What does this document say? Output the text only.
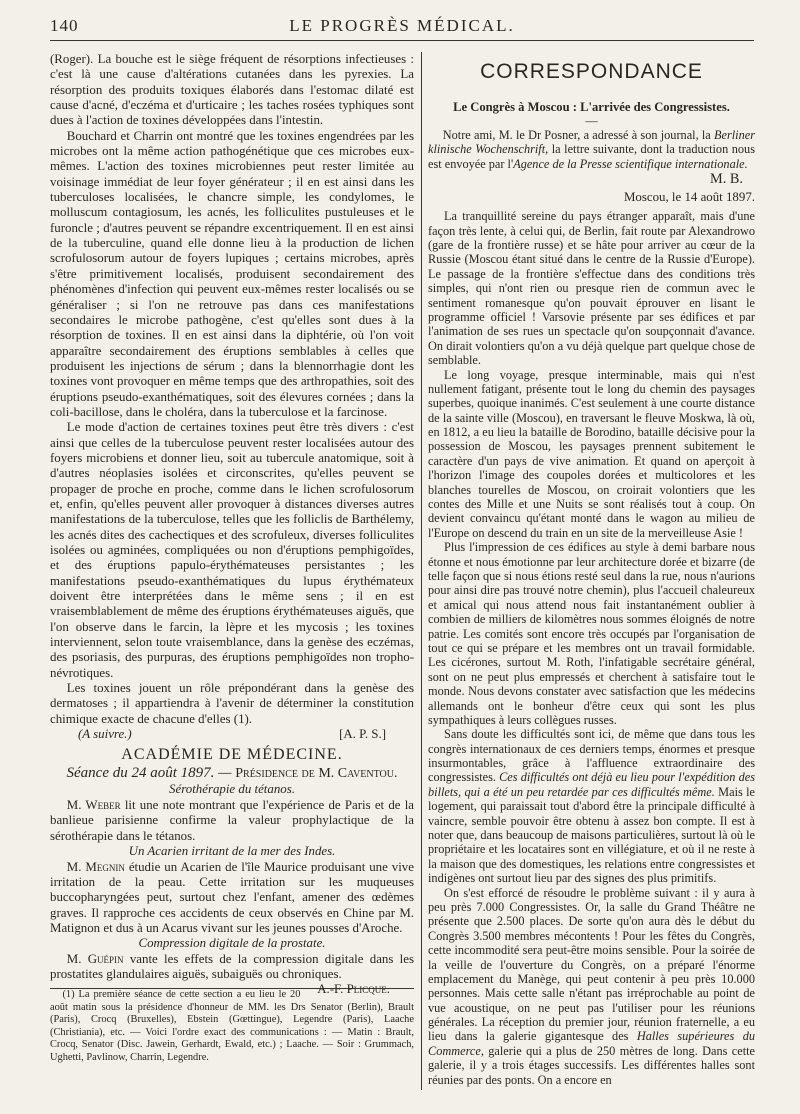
140	LE PROGRÈS MÉDICAL.

(Roger). La bouche est le siège fréquent de résorptions infectieuses : c'est là une cause d'altérations cutanées dans les pyrexies. La résorption des produits toxiques élaborés dans l'estomac dilaté est cause d'acné, d'eczéma et d'urticaire ; les taches rosées typhiques sont dues à l'action de toxines développées dans l'intestin.

Bouchard et Charrin ont montré que les toxines engendrées par les microbes ont la même action pathogénétique que ces microbes eux-mêmes. L'action des toxines microbiennes peut rester limitée au voisinage immédiat de leur foyer générateur ; il en est ainsi dans les tuberculoses localisées, le chancre simple, les condylomes, le molluscum contagiosum, les acnés, les folliculites pustuleuses et le furoncle ; d'autres peuvent se répandre excentriquement. Il en est ainsi de la tuberculine, quand elle donne lieu à la production de lichen scrofulosorum autour de foyers lupiques ; certains microbes, après s'être primitivement localisés, produisent secondairement des phénomènes d'infection qui peuvent eux-mêmes rester localisés ou se généraliser ; si l'on ne retrouve pas dans ces manifestations secondaires le microbe pathogène, c'est qu'elles sont dues à la résorption de toxines. Il en est ainsi dans la diphtérie, où l'on voit apparaître secondairement des éruptions semblables à celles que produisent les injections de sérum ; dans la blennorrhagie dont les toxines vont provoquer en même temps que des arthropathies, soit des éruptions pseudo-exanthématiques, soit des élevures cornées ; dans la coli-bacillose, dans le choléra, dans la tuberculose et la farcinose.

Le mode d'action de certaines toxines peut être très divers : c'est ainsi que celles de la tuberculose peuvent rester localisées autour des foyers microbiens et donner lieu, soit au tubercule anatomique, soit à d'autres néoplasies isolées et circonscrites, qu'elles peuvent se propager de proche en proche, comme dans le lichen scrofulosorum et, enfin, qu'elles peuvent aller provoquer à distances diverses autres manifestations de la tuberculose, telles que les folliclis de Barthélemy, les acnés dites des cachectiques et des scrofuleux, diverses folliculites isolées ou agminées, compliquées ou non d'éruptions pemphigoïdes, et des éruptions papulo-érythémateuses persistantes ; les manifestations pseudo-exanthématiques du lupus érythémateux doivent être interprétées dans le même sens ; il en est vraisemblablement de même des éruptions érythémateuses aiguës, que l'on observe dans le farcin, la lèpre et les mycosis ; les toxines interviennent, selon toute vraisemblance, dans la genèse des eczémas, des psoriasis, des purpuras, des éruptions pemphigoïdes non tropho-névrotiques.

Les toxines jouent un rôle prépondérant dans la genèse des dermatoses ; il appartiendra à l'avenir de déterminer la constitution chimique exacte de chacune d'elles (1).

(A suivre.)	[A. P. S.]
ACADÉMIE DE MÉDECINE.
Séance du 24 août 1897. — Présidence de M. Caventou.
Sérothérapie du tétanos.

M. Weber lit une note montrant que l'expérience de Paris et de la banlieue parisienne confirme la valeur prophylactique de la sérothérapie dans le tétanos.

Un Acarien irritant de la mer des Indes.

M. Megnin étudie un Acarien de l'île Maurice produisant une vive irritation de la peau. Cette irritation sur les muqueuses buccopharyngées peut, surtout chez l'enfant, amener des œdèmes graves. Il rapproche ces accidents de ceux observés en Chine par M. Matignon et dus à un Acarus vivant sur les jeunes pousses d'Aroche.

Compression digitale de la prostate.

M. Guépin vante les effets de la compression digitale dans les prostatites glandulaires aiguës, subaiguës ou chroniques.
A.-F. Plicque.

(1) La première séance de cette section a eu lieu le 20 août matin sous la présidence d'honneur de MM. les Drs Senator (Berlin), Brault (Paris), Crocq (Bruxelles), Ebstein (Gœttingue), Legendre (Paris), Laache (Christiania), etc. — Voici l'ordre exact des communications : — Matin : Brault, Crocq, Senator (Disc. Jawein, Gerhardt, Ewald, etc.) ; Laache. — Soir : Grummach, Ughetti, Pavlinow, Charrin, Legendre.
CORRESPONDANCE
Le Congrès à Moscou : L'arrivée des Congressistes.
—

Notre ami, M. le Dr Posner, a adressé à son journal, la Berliner klinische Wochenschrift, la lettre suivante, dont la traduction nous est envoyée par l'Agence de la Presse scientifique internationale.

M. B.
Moscou, le 14 août 1897.

La tranquillité sereine du pays étranger apparaît, mais d'une façon très lente, à celui qui, de Berlin, fait route par Alexandrowo (gare de la frontière russe) et se hâte pour arriver au cœur de la Russie (Moscou étant situé dans le centre de la Russie d'Europe). Le passage de la frontière s'effectue dans des conditions très simples, qui n'ont rien ou presque rien de commun avec le sentiment romanesque qu'on pouvait éprouver en lisant le programme officiel ! Varsovie présente par ses édifices et par l'animation de ses rues un spectacle qu'on soupçonnait d'avance. On dirait volontiers qu'on a vu déjà quelque part quelque chose de semblable.

Le long voyage, presque interminable, mais qui n'est nullement fatigant, présente tout le long du chemin des paysages superbes, quoique inanimés. C'est seulement à une courte distance de la sainte ville (Moscou), en traversant le fleuve Moskwa, là où, en 1812, a eu lieu la bataille de Borodino, bataille décisive pour la possession de Moscou, les paysages prennent subitement le caractère d'un pays de vive animation. Et quand on aperçoit à l'horizon l'image des coupoles dorées et multicolores et les blanches tourelles de Moscou, on croirait volontiers que les contes des Mille et une Nuits se sont réalisés tout à coup. On devient convaincu qu'étant monté dans le wagon au milieu de l'Europe on descend du train en un site de la merveilleuse Asie !

Plus l'impression de ces édifices au style à demi barbare nous étonne et nous émotionne par leur architecture dorée et bizarre (de telle façon que si nous étions resté seul dans la rue, nous n'aurions pour ainsi dire pas trouvé notre chemin), plus l'accueil chaleureux et amical qui nous attend nous fait instantanément oublier à combien de milliers de kilomètres nous sommes éloignés de notre patrie. Les comités sont encore très occupés par l'organisation de tout ce qui se prépare et les membres ont un travail formidable. Les cicérones, surtout M. Roth, l'infatigable secrétaire général, sont on ne peut plus empressés et cherchent à satisfaire tout le monde. Nous devons constater avec satisfaction que les médecins allemands ont le bonheur d'être ceux qui sont les plus sympathiques à leurs collègues russes.

Sans doute les difficultés sont ici, de même que dans tous les congrès internationaux de ces derniers temps, énormes et presque insurmontables, grâce à l'affluence extraordinaire des congressistes. Ces difficultés ont déjà eu lieu pour l'expédition des billets, qui a été un peu retardée par ces difficultés même. Mais le logement, qui paraissait tout d'abord être la principale difficulté à vaincre, semble pouvoir être obtenu à assez bon compte. Il est à noter que, dans beaucoup de maisons particulières, surtout là où le propriétaire et les locataires sont en villégiature, et où il ne reste à la maison que des domestiques, les relations entre congressistes et indigènes ont surtout lieu par des signes des plus primitifs.

On s'est efforcé de résoudre le problème suivant : il y aura à peu près 7.000 Congressistes. Or, la salle du Grand Théâtre ne présente que 2.500 places. De sorte qu'on aura dès le début du Congrès 3.500 membres mécontents ! Pour les fêtes du Congrès, cette incommodité sera peut-être moins sensible. Pour la soirée de la veille de l'ouverture du Congrès, on a préparé l'énorme emplacement du Manège, qui peut contenir à peu près 10.000 personnes. Mais cette salle n'étant pas irréprochable au point de vue acoustique, on ne peut pas l'utiliser pour les réunions générales. La réception du premier jour, réunion fraternelle, a eu lieu dans la galerie gigantesque des Halles supérieures du Commerce, galerie qui a plus de 250 mètres de long. Dans cette galerie, il y a trois étages successifs. Les différentes halles sont réunies par des ponts. On a encore en
